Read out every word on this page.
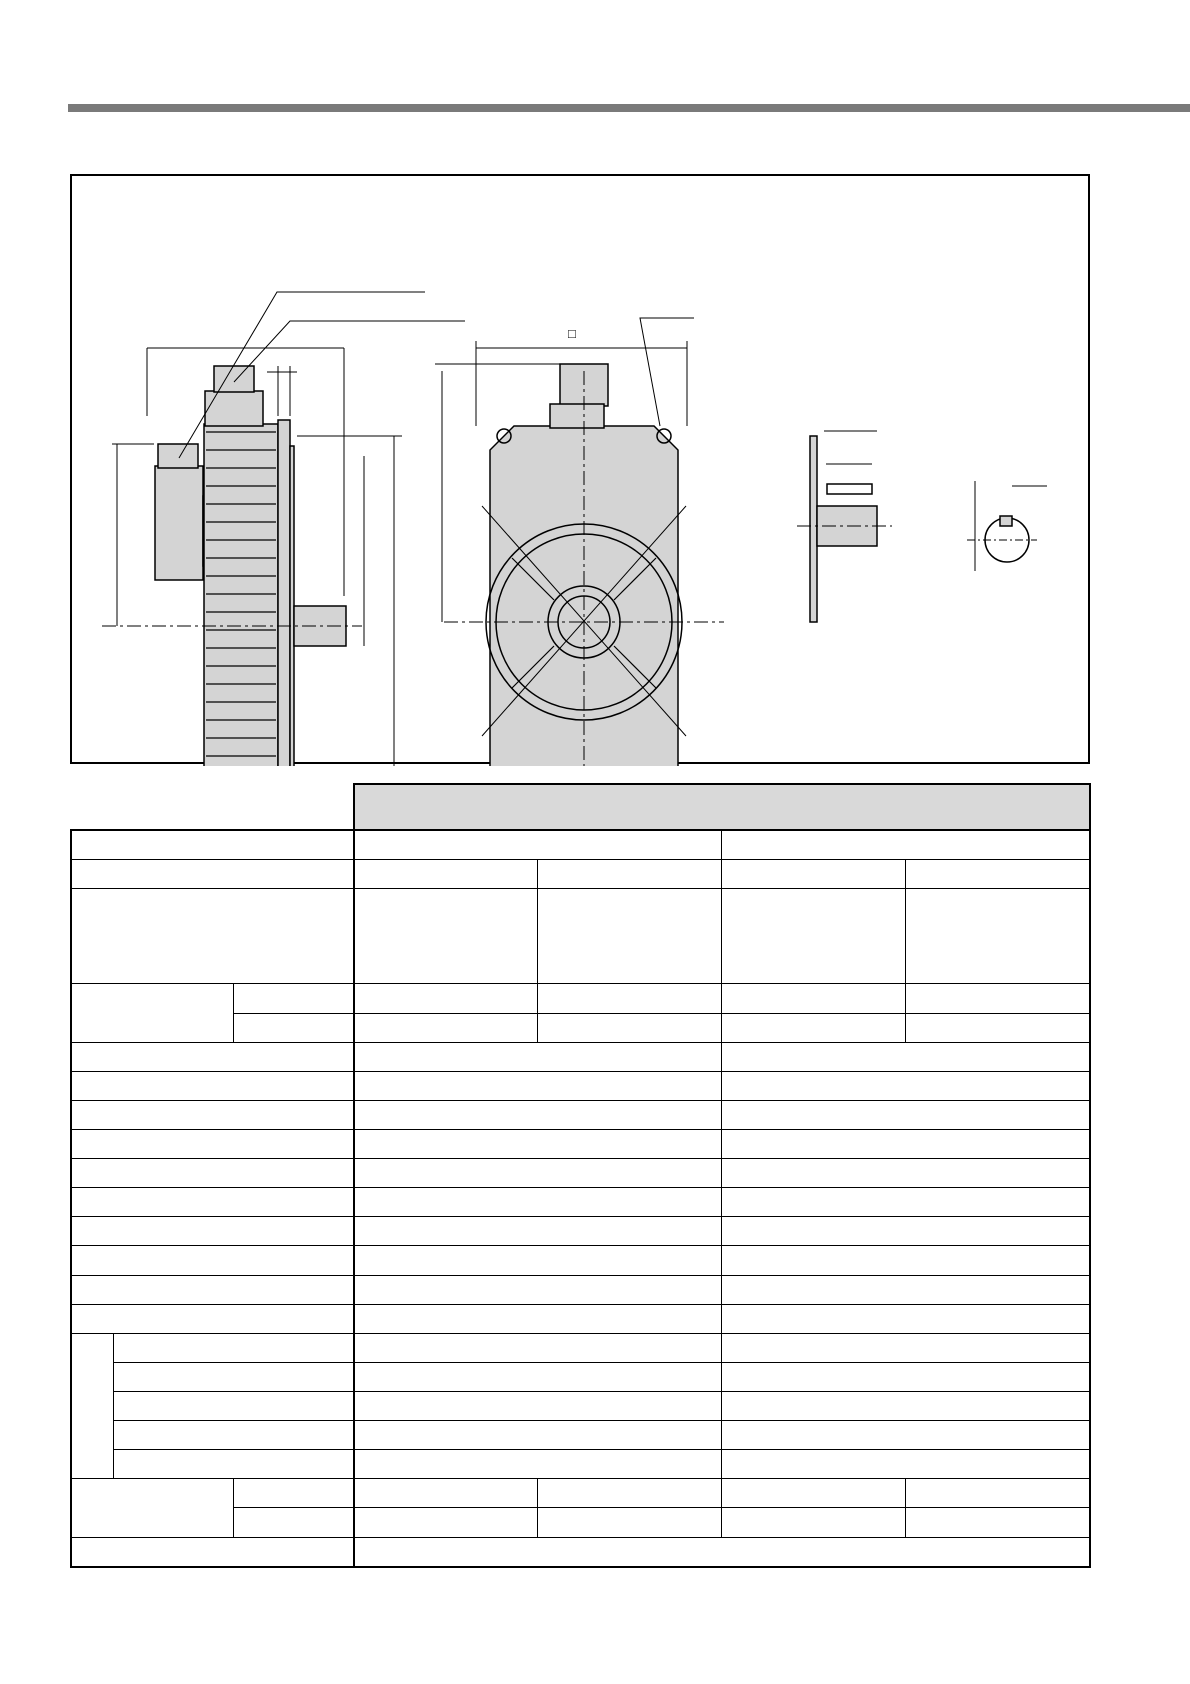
□
